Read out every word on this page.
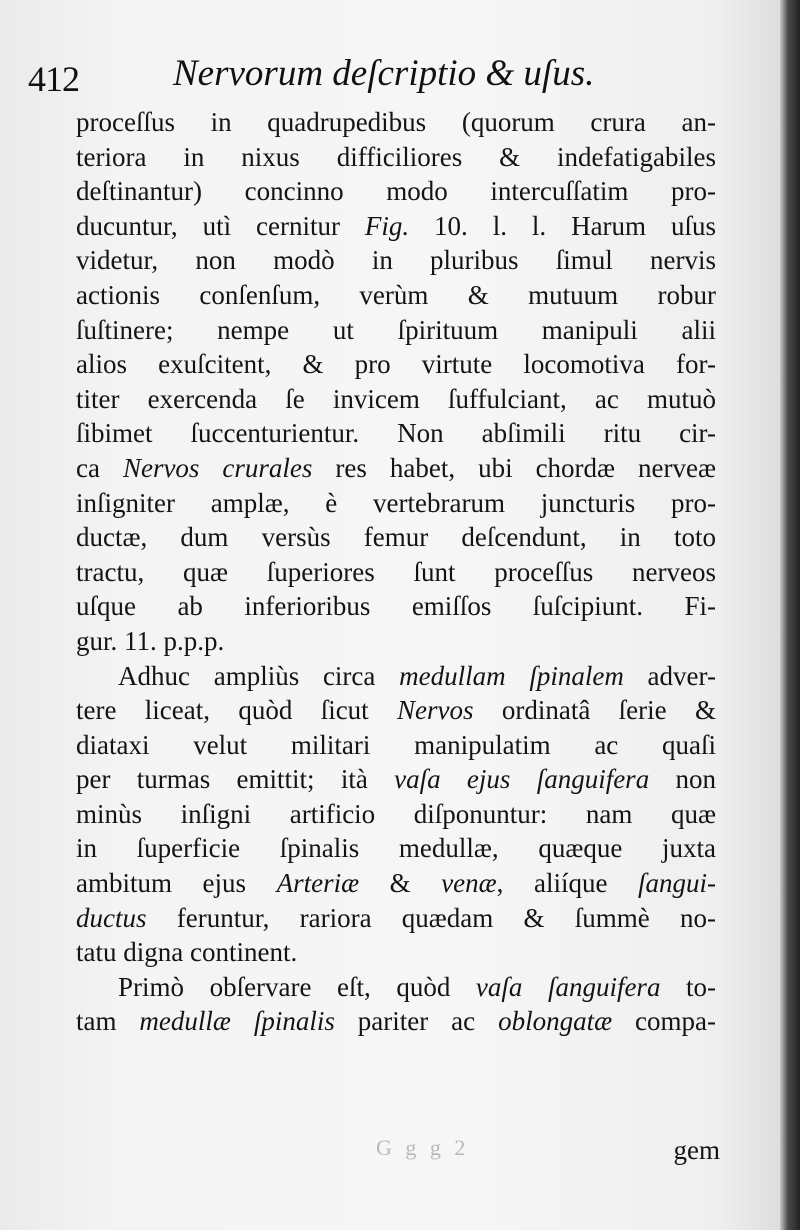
412	Nervorum deſcriptio & uſus.
proceſſus in quadrupedibus (quorum crura an-
teriora in nixus difficiliores & indefatigabiles
deſtinantur) concinno modo intercuſſatim pro-
ducuntur, utì cernitur Fig. 10. l. l. Harum uſus
videtur, non modò in pluribus ſimul nervis
actionis conſenſum, verùm & mutuum robur
ſuſtinere; nempe ut ſpirituum manipuli alii
alios exuſcitent, & pro virtute locomotiva for-
titer exercenda ſe invicem ſuffulciant, ac mutuò
ſibimet ſuccenturientur. Non abſimili ritu cir-
ca Nervos crurales res habet, ubi chordæ nerveæ
inſigniter amplæ, è vertebrarum juncturis pro-
ductæ, dum versùs femur deſcendunt, in toto
tractu, quæ ſuperiores ſunt proceſſus nerveos
uſque ab inferioribus emiſſos ſuſcipiunt. Fi-
gur. 11. p.p.p.
Adhuc ampliùs circa medullam ſpinalem adver-
tere liceat, quòd ſicut Nervos ordinatâ ſerie &
diataxi velut militari manipulatim ac quaſi
per turmas emittit; ità vaſa ejus ſanguifera non
minùs inſigni artificio diſponuntur: nam quæ
in ſuperficie ſpinalis medullæ, quæque juxta
ambitum ejus Arteriæ & venæ, aliíque ſangui-
ductus feruntur, rariora quædam & ſummè no-
tatu digna continent.
Primò obſervare eſt, quòd vaſa ſanguifera to-
tam medullæ ſpinalis pariter ac oblongatæ compa-
G g g 2	gem
